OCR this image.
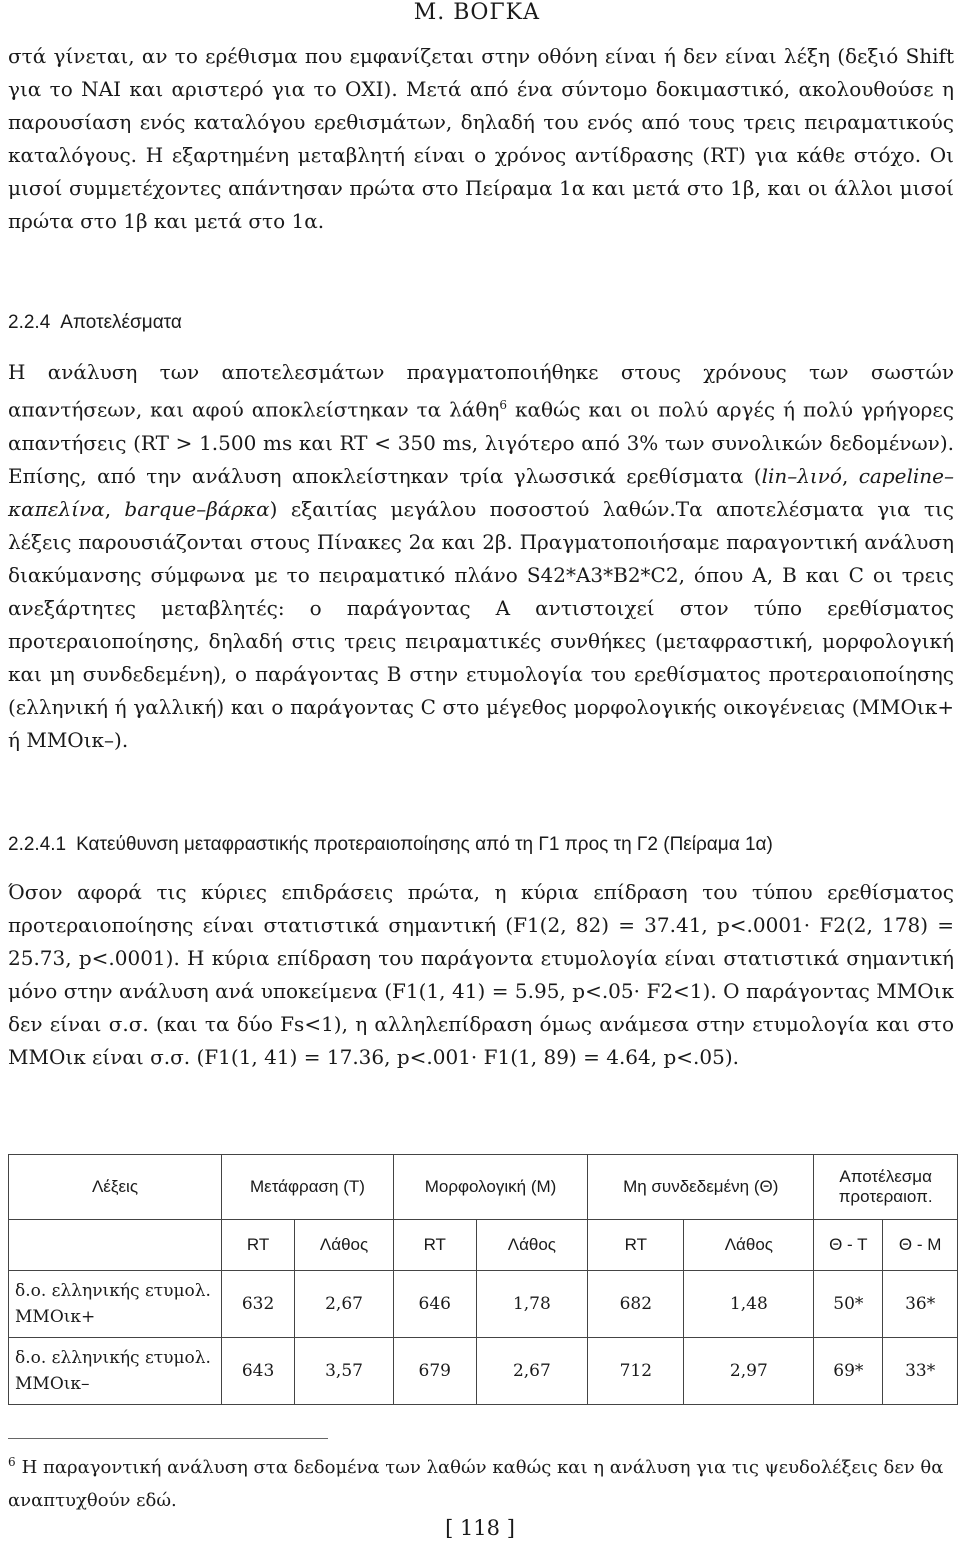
Μ. ΒΟΓΚΑ

στά γίνεται, αν το ερέθισμα που εμφανίζεται στην οθόνη είναι ή δεν είναι λέξη (δεξιό Shift για το ΝΑΙ και αριστερό για το ΟΧΙ). Μετά από ένα σύντομο δοκιμαστικό, ακολουθούσε η παρουσίαση ενός καταλόγου ερεθισμάτων, δηλαδή του ενός από τους τρεις πειραματικούς καταλόγους. Η εξαρτημένη μεταβλητή είναι ο χρόνος αντίδρασης (RT) για κάθε στόχο. Οι μισοί συμμετέχοντες απάντησαν πρώτα στο Πείραμα 1α και μετά στο 1β, και οι άλλοι μισοί πρώτα στο 1β και μετά στο 1α.

2.2.4 Αποτελέσματα

Η ανάλυση των αποτελεσμάτων πραγματοποιήθηκε στους χρόνους των σωστών απαντήσεων, και αφού αποκλείστηκαν τα λάθη$^6$ καθώς και οι πολύ αργές ή πολύ γρήγορες απαντήσεις (RT > 1.500 ms και RT < 350 ms, λιγότερο από 3% των συνολικών δεδομένων). Επίσης, από την ανάλυση αποκλείστηκαν τρία γλωσσικά ερεθίσματα (lin–λινό, capeline–καπελίνα, barque–βάρκα) εξαιτίας μεγάλου ποσοστού λαθών.Τα αποτελέσματα για τις λέξεις παρουσιάζονται στους Πίνακες 2α και 2β. Πραγματοποιήσαμε παραγοντική ανάλυση διακύμανσης σύμφωνα με το πειραματικό πλάνο S42*A3*B2*C2, όπου A, B και C οι τρεις ανεξάρτητες μεταβλητές: ο παράγοντας A αντιστοιχεί στον τύπο ερεθίσματος προτεραιοποίησης, δηλαδή στις τρεις πειραματικές συνθήκες (μεταφραστική, μορφολογική και μη συνδεδεμένη), ο παράγοντας B στην ετυμολογία του ερεθίσματος προτεραιοποίησης (ελληνική ή γαλλική) και ο παράγοντας C στο μέγεθος μορφολογικής οικογένειας (ΜΜΟικ+ ή ΜΜΟικ–).

2.2.4.1 Κατεύθυνση μεταφραστικής προτεραιοποίησης από τη Γ1 προς τη Γ2 (Πείραμα 1α)

Όσον αφορά τις κύριες επιδράσεις πρώτα, η κύρια επίδραση του τύπου ερεθίσματος προτεραιοποίησης είναι στατιστικά σημαντική (F1(2, 82) = 37.41, p<.0001· F2(2, 178) = 25.73, p<.0001). Η κύρια επίδραση του παράγοντα ετυμολογία είναι στατιστικά σημαντική μόνο στην ανάλυση ανά υποκείμενα (F1(1, 41) = 5.95, p<.05· F2<1). Ο παράγοντας ΜΜΟικ δεν είναι σ.σ. (και τα δύο Fs<1), η αλληλεπίδραση όμως ανάμεσα στην ετυμολογία και στο ΜΜΟικ είναι σ.σ. (F1(1, 41) = 17.36, p<.001· F1(1, 89) = 4.64, p<.05).

Λέξεις	Μετάφραση (Τ)		Μορφολογική (Μ)		Μη συνδεδεμένη (Θ)		Αποτέλεσμα
προτεραιοπ.	
	RT	Λάθος	RT	Λάθος	RT	Λάθος	Θ - Τ	Θ - Μ
δ.ο. ελληνικής ετυμολ.
ΜΜΟικ+	632	2,67	646	1,78	682	1,48	50*	36*
δ.ο. ελληνικής ετυμολ.
ΜΜΟικ–	643	3,57	679	2,67	712	2,97	69*	33*

$^6$ Η παραγοντική ανάλυση στα δεδομένα των λαθών καθώς και η ανάλυση για τις ψευδολέξεις δεν θα αναπτυχθούν εδώ.

[ 118 ]
